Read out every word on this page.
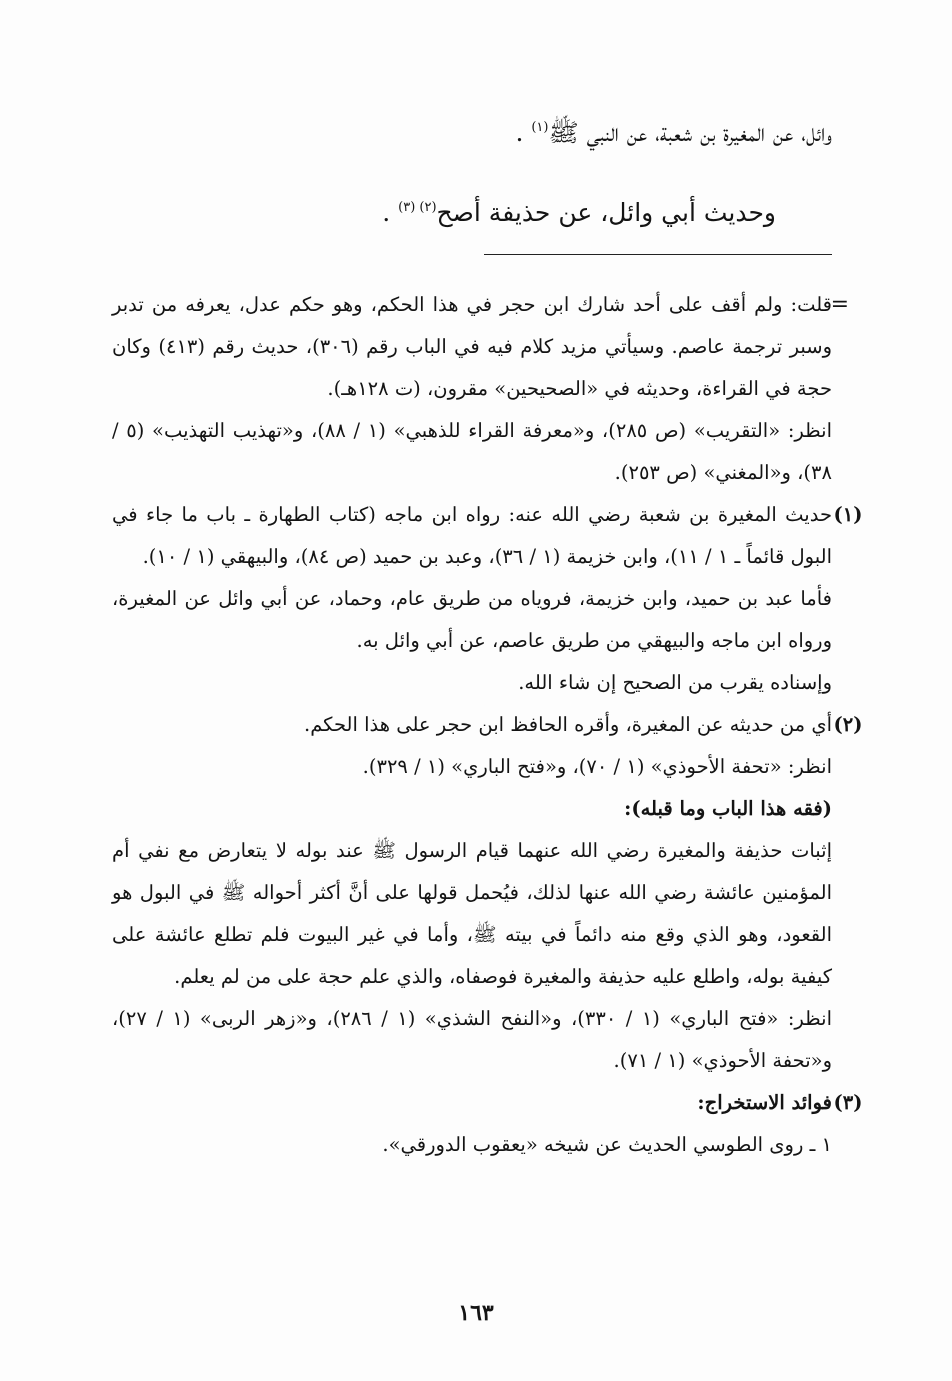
وائل، عن المغيرة بن شعبة، عن النبي ﷺ$^{(١)}$ .
وحديث أبي وائل، عن حذيفة أصح$^{(٢) (٣)}$ .
=

قلت: ولم أقف على أحد شارك ابن حجر في هذا الحكم، وهو حكم عدل، يعرفه من تدبر وسبر ترجمة عاصم. وسيأتي مزيد كلام فيه في الباب رقم (٣٠٦)، حديث رقم (٤١٣) وكان حجة في القراءة، وحديثه في «الصحيحين» مقرون، (ت ١٢٨هـ).

انظر: «التقريب» (ص ٢٨٥)، و«معرفة القراء للذهبي» (١ / ٨٨)، و«تهذيب التهذيب» (٥ / ٣٨)، و«المغني» (ص ٢٥٣).

(١)

حديث المغيرة بن شعبة رضي الله عنه: رواه ابن ماجه (كتاب الطهارة ـ باب ما جاء في البول قائماً ـ ١ / ١١)، وابن خزيمة (١ / ٣٦)، وعبد بن حميد (ص ٨٤)، والبيهقي (١ / ١٠).

فأما عبد بن حميد، وابن خزيمة، فروياه من طريق عام، وحماد، عن أبي وائل عن المغيرة، ورواه ابن ماجه والبيهقي من طريق عاصم، عن أبي وائل به.

وإسناده يقرب من الصحيح إن شاء الله.

(٢)

أي من حديثه عن المغيرة، وأقره الحافظ ابن حجر على هذا الحكم.

انظر: «تحفة الأحوذي» (١ / ٧٠)، و«فتح الباري» (١ / ٣٢٩).

(فقه هذا الباب وما قبله):

إثبات حذيفة والمغيرة رضي الله عنهما قيام الرسول ﷺ عند بوله لا يتعارض مع نفي أم المؤمنين عائشة رضي الله عنها لذلك، فيُحمل قولها على أنَّ أكثر أحواله ﷺ في البول هو القعود، وهو الذي وقع منه دائماً في بيته ﷺ، وأما في غير البيوت فلم تطلع عائشة على كيفية بوله، واطلع عليه حذيفة والمغيرة فوصفاه، والذي علم حجة على من لم يعلم.

انظر: «فتح الباري» (١ / ٣٣٠)، و«النفح الشذي» (١ / ٢٨٦)، و«زهر الربى» (١ / ٢٧)، و«تحفة الأحوذي» (١ / ٧١).

(٣)

فوائد الاستخراج:

١ ـ روى الطوسي الحديث عن شيخه «يعقوب الدورقي».

١٦٣
